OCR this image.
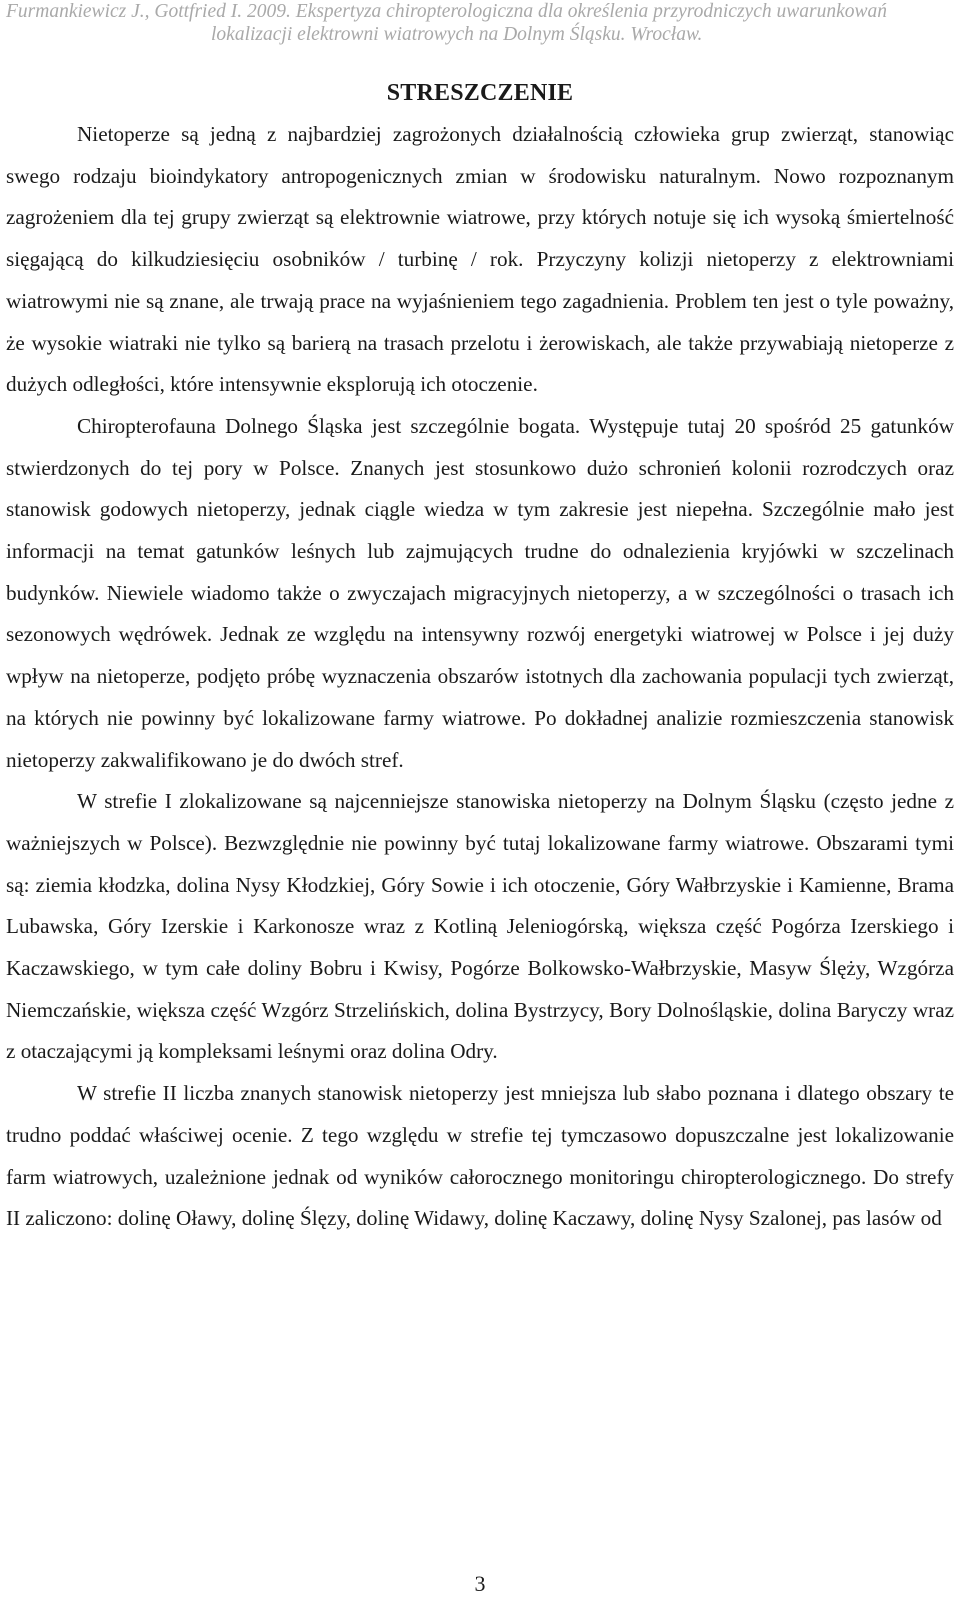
Furmankiewicz J., Gottfried I. 2009. Ekspertyza chiropterologiczna dla określenia przyrodniczych uwarunkowań
lokalizacji elektrowni wiatrowych na Dolnym Śląsku. Wrocław.
STRESZCZENIE

Nietoperze są jedną z najbardziej zagrożonych działalnością człowieka grup zwierząt, stanowiąc swego rodzaju bioindykatory antropogenicznych zmian w środowisku naturalnym. Nowo rozpoznanym zagrożeniem dla tej grupy zwierząt są elektrownie wiatrowe, przy których notuje się ich wysoką śmiertelność sięgającą do kilkudziesięciu osobników / turbinę / rok. Przyczyny kolizji nietoperzy z elektrowniami wiatrowymi nie są znane, ale trwają prace na wyjaśnieniem tego zagadnienia. Problem ten jest o tyle poważny, że wysokie wiatraki nie tylko są barierą na trasach przelotu i żerowiskach, ale także przywabiają nietoperze z dużych odległości, które intensywnie eksplorują ich otoczenie.

Chiropterofauna Dolnego Śląska jest szczególnie bogata. Występuje tutaj 20 spośród 25 gatunków stwierdzonych do tej pory w Polsce. Znanych jest stosunkowo dużo schronień kolonii rozrodczych oraz stanowisk godowych nietoperzy, jednak ciągle wiedza w tym zakresie jest niepełna. Szczególnie mało jest informacji na temat gatunków leśnych lub zajmujących trudne do odnalezienia kryjówki w szczelinach budynków. Niewiele wiadomo także o zwyczajach migracyjnych nietoperzy, a w szczególności o trasach ich sezonowych wędrówek. Jednak ze względu na intensywny rozwój energetyki wiatrowej w Polsce i jej duży wpływ na nietoperze, podjęto próbę wyznaczenia obszarów istotnych dla zachowania populacji tych zwierząt, na których nie powinny być lokalizowane farmy wiatrowe. Po dokładnej analizie rozmieszczenia stanowisk nietoperzy zakwalifikowano je do dwóch stref.

W strefie I zlokalizowane są najcenniejsze stanowiska nietoperzy na Dolnym Śląsku (często jedne z ważniejszych w Polsce). Bezwzględnie nie powinny być tutaj lokalizowane farmy wiatrowe. Obszarami tymi są: ziemia kłodzka, dolina Nysy Kłodzkiej, Góry Sowie i ich otoczenie, Góry Wałbrzyskie i Kamienne, Brama Lubawska, Góry Izerskie i Karkonosze wraz z Kotliną Jeleniogórską, większa część Pogórza Izerskiego i Kaczawskiego, w tym całe doliny Bobru i Kwisy, Pogórze Bolkowsko-Wałbrzyskie, Masyw Ślęży, Wzgórza Niemczańskie, większa część Wzgórz Strzelińskich, dolina Bystrzycy, Bory Dolnośląskie, dolina Baryczy wraz z otaczającymi ją kompleksami leśnymi oraz dolina Odry.

W strefie II liczba znanych stanowisk nietoperzy jest mniejsza lub słabo poznana i dlatego obszary te trudno poddać właściwej ocenie. Z tego względu w strefie tej tymczasowo dopuszczalne jest lokalizowanie farm wiatrowych, uzależnione jednak od wyników całorocznego monitoringu chiropterologicznego. Do strefy II zaliczono: dolinę Oławy, dolinę Ślęzy, dolinę Widawy, dolinę Kaczawy, dolinę Nysy Szalonej, pas lasów od

3
